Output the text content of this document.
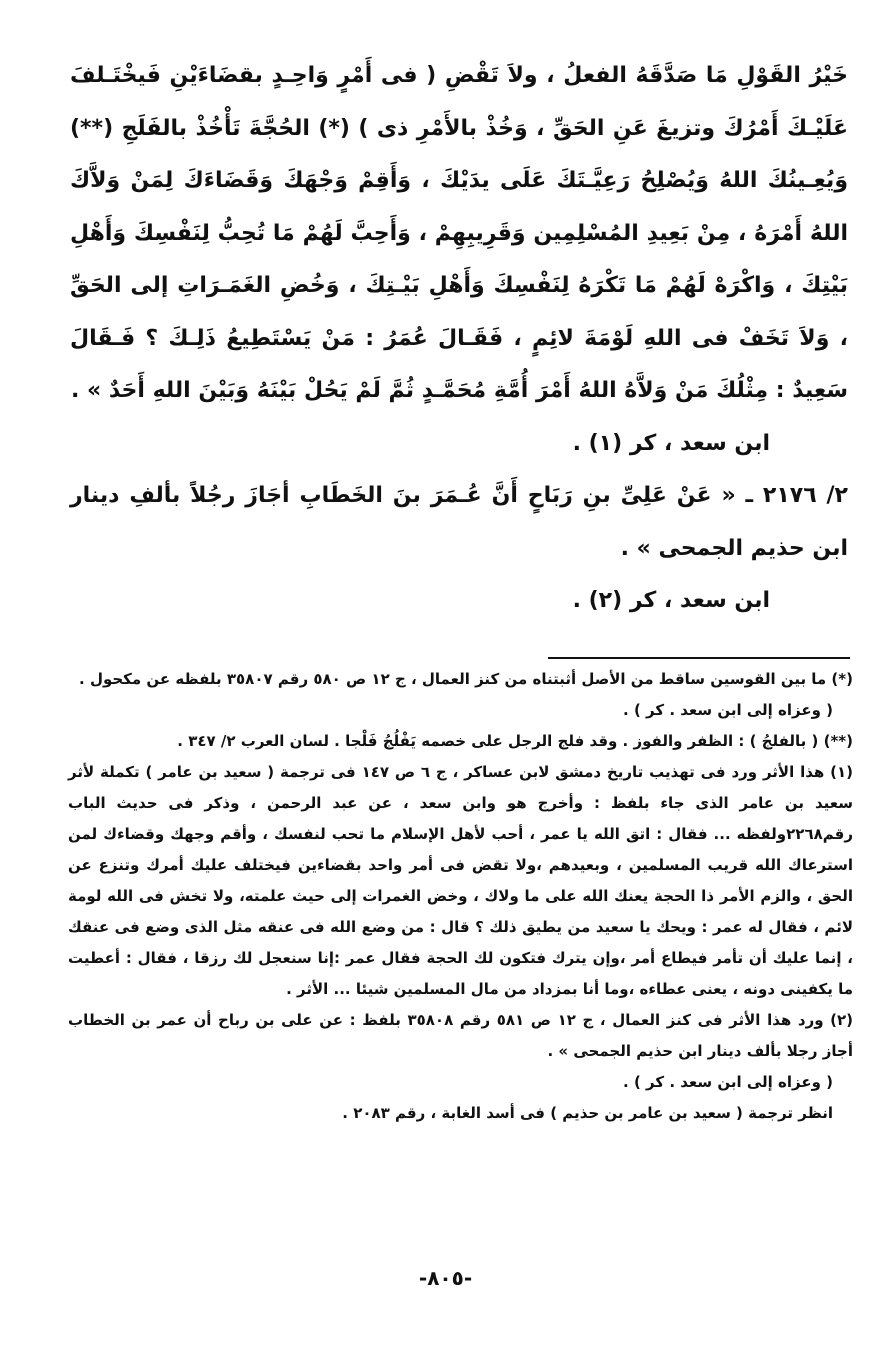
خَيْرُ القَوْلِ مَا صَدَّقَهُ الفعلُ ، ولاَ تَقْضِ ( فى أَمْرٍ وَاحِـدٍ بقضَاءَيْنِ فَيخْتَـلفَ عَلَيْـكَ أَمْرُكَ وتزيغَ عَنِ الحَقِّ ، وَخُذْ بالأَمْرِ ذى ) (*) الحُجَّةَ تَأْخُذْ بالفَلَجِ (**) وَيُعِـينُكَ اللهُ وَيُصْلِحُ رَعِيَّـتَكَ عَلَى يدَيْكَ ، وَأَقِمْ وَجْهَكَ وَقَضَاءَكَ لِمَنْ وَلاَّكَ اللهُ أَمْرَهُ ، مِنْ بَعِيدِ المُسْلِمِين وَقَرِيبِهِمْ ، وَأَحِبَّ لَهُمْ مَا تُحِبُّ لِنَفْسِكَ وَأَهْلِ بَيْتِكَ ، وَاكْرَهْ لَهُمْ مَا تَكْرَهُ لِنَفْسِكَ وَأَهْلِ بَيْـتِكَ ، وَخُضِ الغَمَـرَاتِ إلى الحَقِّ ، وَلاَ تَخَفْ فى اللهِ لَوْمَةَ لائِمٍ ، فَقَـالَ عُمَرُ : مَنْ يَسْتَطِيعُ ذَلِـكَ ؟ فَـقَالَ سَعِيدٌ : مِثْلُكَ مَنْ وَلاَّهُ اللهُ أَمْرَ أُمَّةِ مُحَمَّـدٍ ثُمَّ لَمْ يَحُلْ بَيْنَهُ وَبَيْنَ اللهِ أَحَدٌ » .

ابن سعد ، كر (١) .

٢/ ٢١٧٦ ـ « عَنْ عَلِىِّ بنِ رَبَاحٍ أَنَّ عُـمَرَ بنَ الخَطَابِ أجَازَ رجُلاً بألفِ دينار ابن حذيم الجمحى » .

ابن سعد ، كر (٢) .

(*) ما بين القوسين ساقط من الأصل أثبتناه من كنز العمال ، ج ١٢ ص ٥٨٠ رقم ٣٥٨٠٧ بلفظه عن مكحول .

( وعزاه إلى ابن سعد . كر ) .

(**) ( بالفلجُ ) : الظفر والفوز . وقد فلج الرجل على خصمه يَفْلُجُ فَلْجا . لسان العرب ٢/ ٣٤٧ .

(١) هذا الأثر ورد فى تهذيب تاريخ دمشق لابن عساكر ، ج ٦ ص ١٤٧ فى ترجمة ( سعيد بن عامر ) تكملة لأثر سعيد بن عامر الذى جاء بلفظ : وأخرج هو وابن سعد ، عن عبد الرحمن ، وذكر فى حديث الباب رقم٢٢٦٨ولفظه ... فقال : اتق الله يا عمر ، أحب لأهل الإسلام ما تحب لنفسك ، وأقم وجهك وقضاءك لمن استرعاك الله قريب المسلمين ، وبعيدهم ،ولا تقض فى أمر واحد بقضاءين فيختلف عليك أمرك وتنزع عن الحق ، والزم الأمر ذا الحجة يعنك الله على ما ولاك ، وخض الغمرات إلى حيث علمته، ولا تخش فى الله لومة لائم ، فقال له عمر : ويحك يا سعيد من يطيق ذلك ؟ قال : من وضع الله فى عنقه مثل الذى وضع فى عنقك ، إنما عليك أن تأمر فيطاع أمر ،وإن يترك فتكون لك الحجة فقال عمر :إنا سنعجل لك رزقا ، فقال : أعطيت ما يكفينى دونه ، يعنى عطاءه ،وما أنا بمزداد من مال المسلمين شيئا ... الأثر .

(٢) ورد هذا الأثر فى كنز العمال ، ج ١٢ ص ٥٨١ رقم ٣٥٨٠٨ بلفظ : عن على بن رباح أن عمر بن الخطاب أجاز رجلا بألف دينار ابن حذيم الجمحى » .

( وعزاه إلى ابن سعد . كر ) .

انظر ترجمة ( سعيد بن عامر بن حذيم ) فى أسد الغابة ، رقم ٢٠٨٣ .

-٨٠٥-
